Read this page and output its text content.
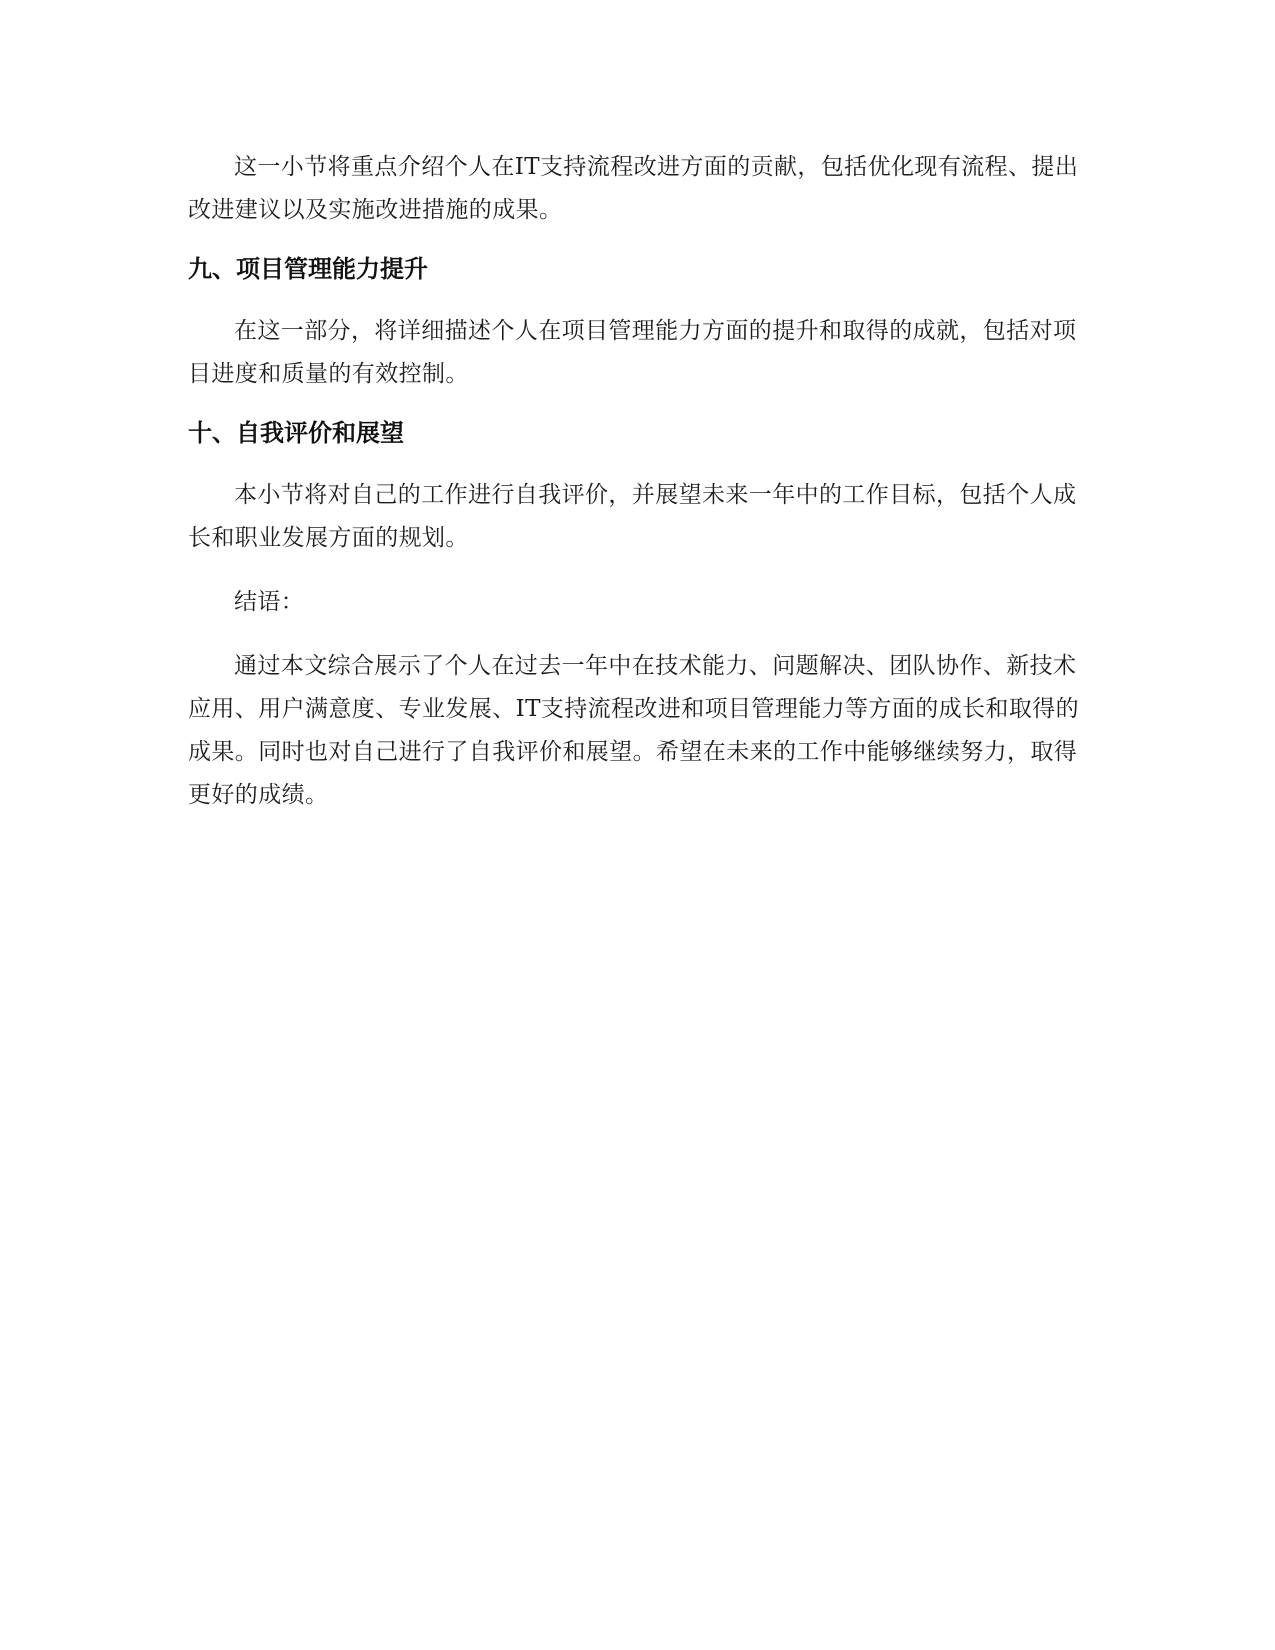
这一小节将重点介绍个人在IT支持流程改进方面的贡献，包括优化现有流程、提出改进建议以及实施改进措施的成果。

九、项目管理能力提升

在这一部分，将详细描述个人在项目管理能力方面的提升和取得的成就，包括对项目进度和质量的有效控制。

十、自我评价和展望

本小节将对自己的工作进行自我评价，并展望未来一年中的工作目标，包括个人成长和职业发展方面的规划。

结语：

通过本文综合展示了个人在过去一年中在技术能力、问题解决、团队协作、新技术应用、用户满意度、专业发展、IT支持流程改进和项目管理能力等方面的成长和取得的成果。同时也对自己进行了自我评价和展望。希望在未来的工作中能够继续努力，取得更好的成绩。
